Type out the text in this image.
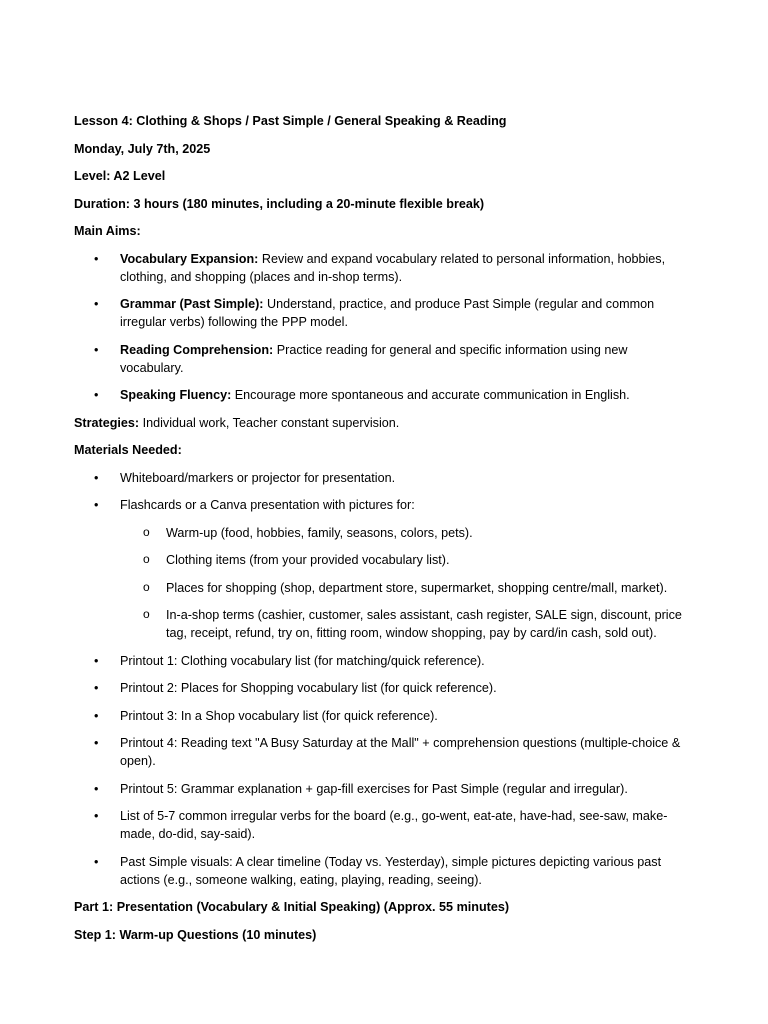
Lesson 4: Clothing & Shops / Past Simple / General Speaking & Reading

Monday, July 7th, 2025

Level: A2 Level

Duration: 3 hours (180 minutes, including a 20-minute flexible break)

Main Aims:

• Vocabulary Expansion: Review and expand vocabulary related to personal information, hobbies, clothing, and shopping (places and in-shop terms).
• Grammar (Past Simple): Understand, practice, and produce Past Simple (regular and common irregular verbs) following the PPP model.
• Reading Comprehension: Practice reading for general and specific information using new vocabulary.
• Speaking Fluency: Encourage more spontaneous and accurate communication in English.

Strategies: Individual work, Teacher constant supervision.

Materials Needed:

• Whiteboard/markers or projector for presentation.
• Flashcards or a Canva presentation with pictures for:
o Warm-up (food, hobbies, family, seasons, colors, pets).
o Clothing items (from your provided vocabulary list).
o Places for shopping (shop, department store, supermarket, shopping centre/mall, market).
o In-a-shop terms (cashier, customer, sales assistant, cash register, SALE sign, discount, price tag, receipt, refund, try on, fitting room, window shopping, pay by card/in cash, sold out).
• Printout 1: Clothing vocabulary list (for matching/quick reference).
• Printout 2: Places for Shopping vocabulary list (for quick reference).
• Printout 3: In a Shop vocabulary list (for quick reference).
• Printout 4: Reading text "A Busy Saturday at the Mall" + comprehension questions (multiple-choice & open).
• Printout 5: Grammar explanation + gap-fill exercises for Past Simple (regular and irregular).
• List of 5-7 common irregular verbs for the board (e.g., go-went, eat-ate, have-had, see-saw, make-made, do-did, say-said).
• Past Simple visuals: A clear timeline (Today vs. Yesterday), simple pictures depicting various past actions (e.g., someone walking, eating, playing, reading, seeing).

Part 1: Presentation (Vocabulary & Initial Speaking) (Approx. 55 minutes)

Step 1: Warm-up Questions (10 minutes)
